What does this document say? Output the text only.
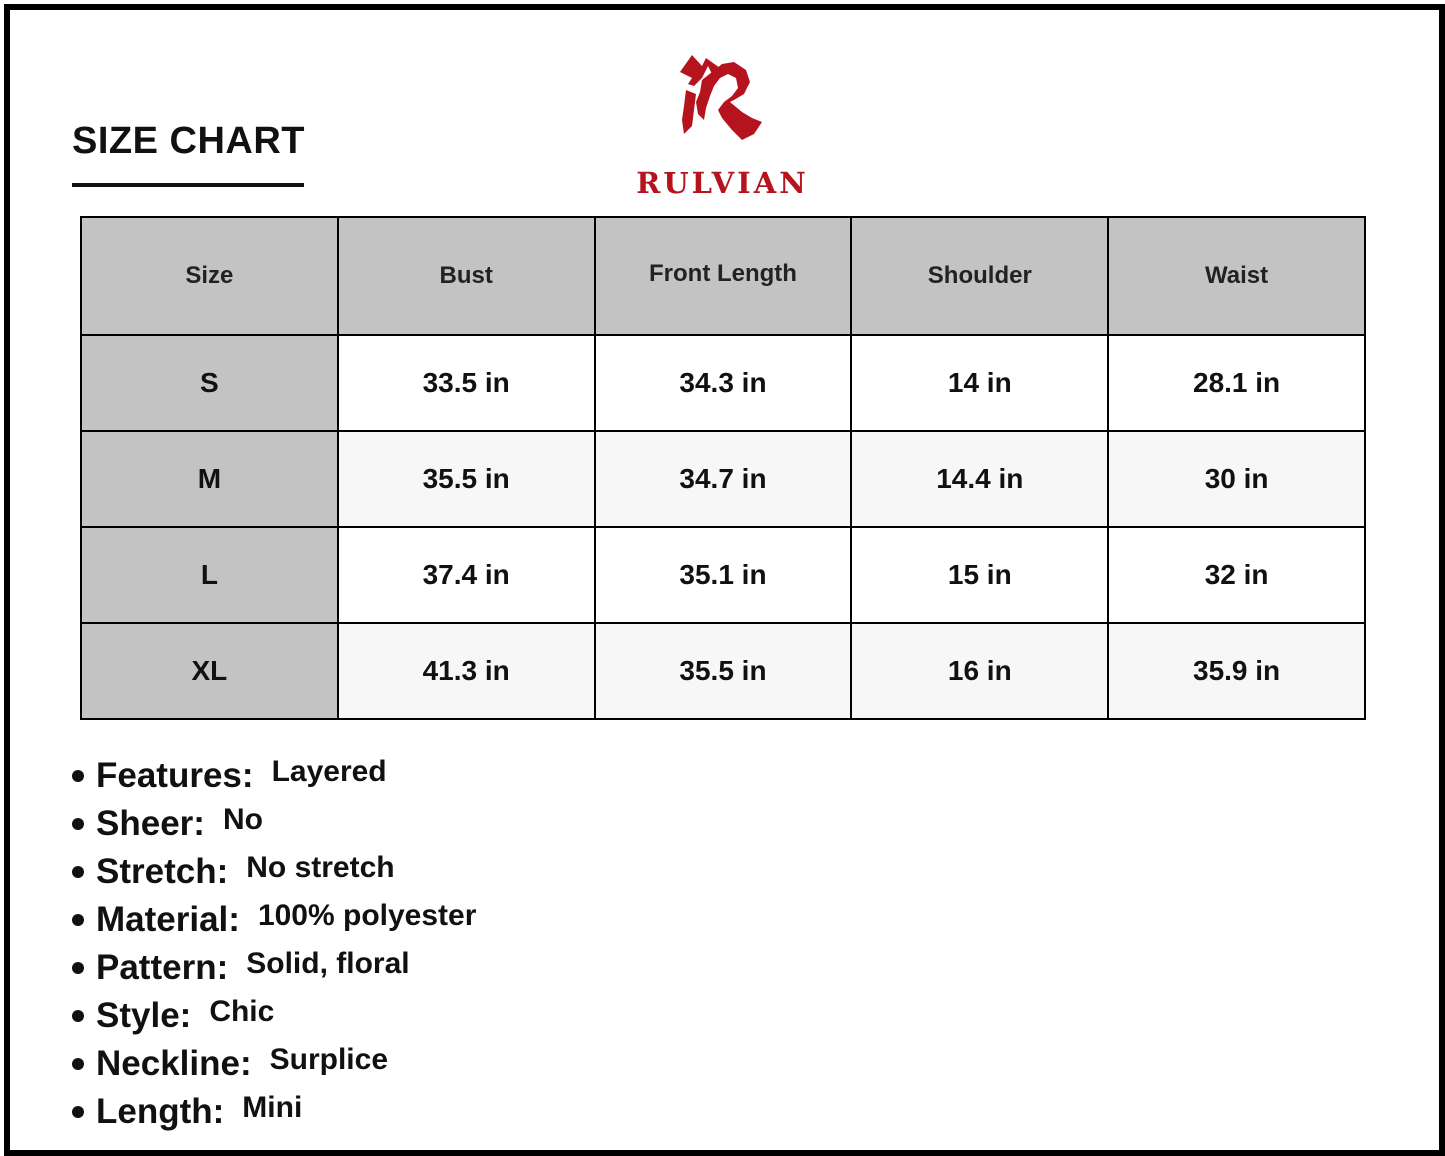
SIZE CHART
RULVIAN
Size	Bust	Front Length	Shoulder	Waist
S	33.5 in	34.3 in	14 in	28.1 in
M	35.5 in	34.7 in	14.4 in	30 in
L	37.4 in	35.1 in	15 in	32 in
XL	41.3 in	35.5 in	16 in	35.9 in
Features: Layered
Sheer: No
Stretch: No stretch
Material: 100% polyester
Pattern: Solid, floral
Style: Chic
Neckline: Surplice
Length: Mini
